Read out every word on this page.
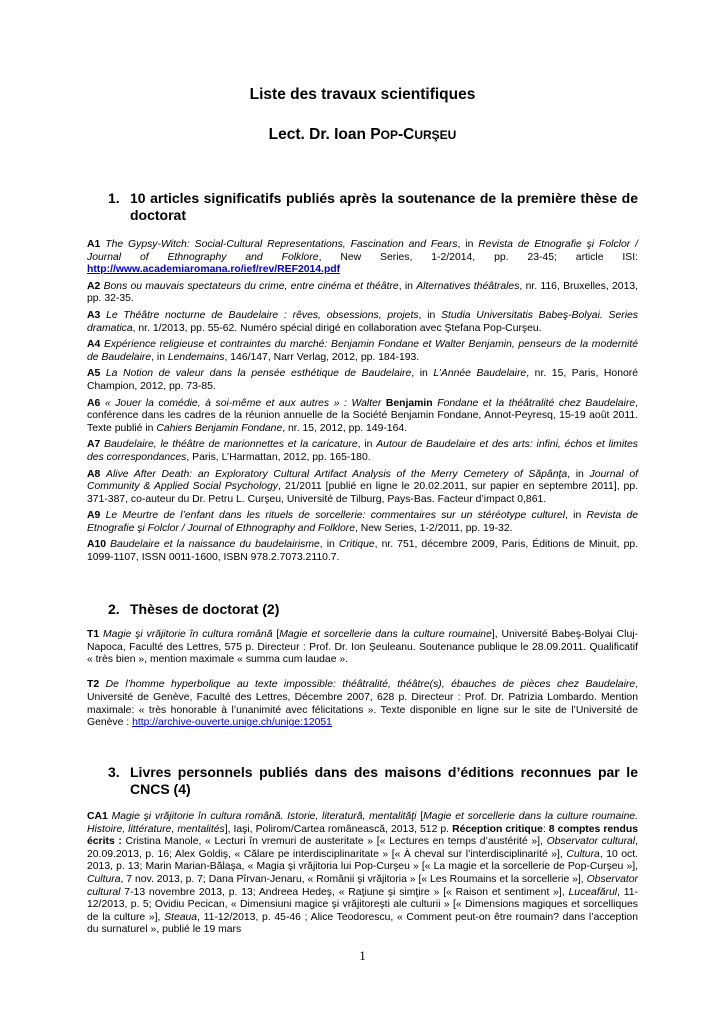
Liste des travaux scientifiques
Lect. Dr. Ioan POP-CURŞEU
1. 10 articles significatifs publiés après la soutenance de la première thèse de doctorat

A1 The Gypsy-Witch: Social-Cultural Representations, Fascination and Fears, in Revista de Etnografie şi Folclor / Journal of Ethnography and Folklore, New Series, 1-2/2014, pp. 23-45; article ISI: http://www.academiaromana.ro/ief/rev/REF2014.pdf

A2 Bons ou mauvais spectateurs du crime, entre cinéma et théâtre, in Alternatives théâtrales, nr. 116, Bruxelles, 2013, pp. 32-35.

A3 Le Théâtre nocturne de Baudelaire : rêves, obsessions, projets, in Studia Universitatis Babeş-Bolyai. Series dramatica, nr. 1/2013, pp. 55-62. Numéro spécial dirigé en collaboration avec Ştefana Pop-Curşeu.

A4 Expérience religieuse et contraintes du marché: Benjamin Fondane et Walter Benjamin, penseurs de la modernité de Baudelaire, in Lendemains, 146/147, Narr Verlag, 2012, pp. 184-193.

A5 La Notion de valeur dans la pensée esthétique de Baudelaire, in L’Année Baudelaire, nr. 15, Paris, Honoré Champion, 2012, pp. 73-85.

A6 « Jouer la comédie, à soi-même et aux autres » : Walter Benjamin Fondane et la théâtralité chez Baudelaire, conférence dans les cadres de la réunion annuelle de la Société Benjamin Fondane, Annot-Peyresq, 15-19 août 2011. Texte publié in Cahiers Benjamin Fondane, nr. 15, 2012, pp. 149-164.

A7 Baudelaire, le théâtre de marionnettes et la caricature, in Autour de Baudelaire et des arts: infini, échos et limites des correspondances, Paris, L’Harmattan, 2012, pp. 165-180.

A8 Alive After Death: an Exploratory Cultural Artifact Analysis of the Merry Cemetery of Săpânţa, in Journal of Community & Applied Social Psychology, 21/2011 [publié en ligne le 20.02.2011, sur papier en septembre 2011], pp. 371-387, co-auteur du Dr. Petru L. Curşeu, Université de Tilburg, Pays-Bas. Facteur d’impact 0,861.

A9 Le Meurtre de l’enfant dans les rituels de sorcellerie: commentaires sur un stéréotype culturel, in Revista de Etnografie şi Folclor / Journal of Ethnography and Folklore, New Series, 1-2/2011, pp. 19-32.

A10 Baudelaire et la naissance du baudelairisme, in Critique, nr. 751, décembre 2009, Paris, Éditions de Minuit, pp. 1099-1107, ISSN 0011-1600, ISBN 978.2.7073.2110.7.

2. Thèses de doctorat (2)

T1 Magie şi vrăjitorie în cultura română [Magie et sorcellerie dans la culture roumaine], Université Babeş-Bolyai Cluj-Napoca, Faculté des Lettres, 575 p. Directeur : Prof. Dr. Ion Şeuleanu. Soutenance publique le 28.09.2011. Qualificatif « très bien », mention maximale « summa cum laudae ».

T2 De l’homme hyperbolique au texte impossible: théâtralité, théâtre(s), ébauches de pièces chez Baudelaire, Université de Genève, Faculté des Lettres, Décembre 2007, 628 p. Directeur : Prof. Dr. Patrizia Lombardo. Mention maximale: « très honorable à l’unanimité avec félicitations ». Texte disponible en ligne sur le site de l’Université de Genève : http://archive-ouverte.unige.ch/unige:12051

3. Livres personnels publiés dans des maisons d’éditions reconnues par le CNCS (4)

CA1 Magie şi vrăjitorie în cultura română. Istorie, literatură, mentalităţi [Magie et sorcellerie dans la culture roumaine. Histoire, littérature, mentalités], Iaşi, Polirom/Cartea românească, 2013, 512 p. Réception critique: 8 comptes rendus écrits : Cristina Manole, « Lecturi în vremuri de austeritate » [« Lectures en temps d’austérité »], Observator cultural, 20.09.2013, p. 16; Alex Goldiş, « Călare pe interdisciplinaritate » [« À cheval sur l’interdisciplinarité »], Cultura, 10 oct. 2013, p. 13; Marin Marian-Bălaşa, « Magia şi vrăjitoria lui Pop-Curşeu » [« La magie et la sorcellerie de Pop-Curşeu »], Cultura, 7 nov. 2013, p. 7; Dana Pîrvan-Jenaru, « Românii şi vrăjitoria » [« Les Roumains et la sorcellerie »], Observator cultural 7-13 novembre 2013, p. 13; Andreea Hedeş, « Raţiune şi simţire » [« Raison et sentiment »], Luceafărul, 11-12/2013, p. 5; Ovidiu Pecican, « Dimensiuni magice şi vrăjitoreşti ale culturii » [« Dimensions magiques et sorcelliques de la culture »], Steaua, 11-12/2013, p. 45-46 ; Alice Teodorescu, « Comment peut-on être roumain? dans l’acception du surnaturel », publié le 19 mars

1
